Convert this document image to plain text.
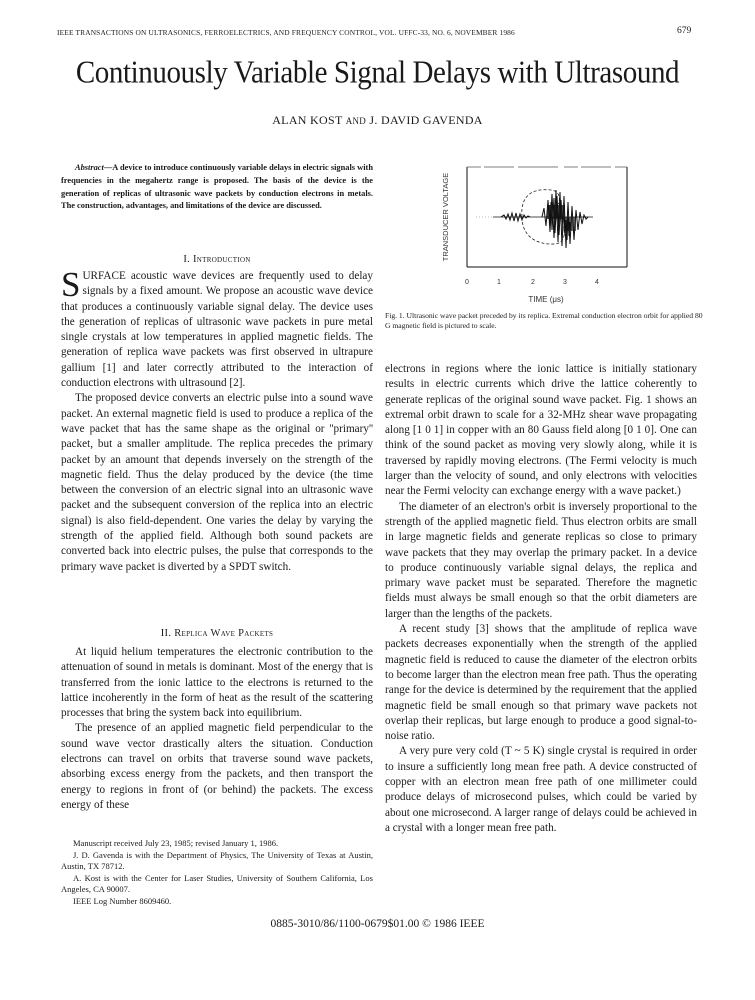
IEEE TRANSACTIONS ON ULTRASONICS, FERROELECTRICS, AND FREQUENCY CONTROL, VOL. UFFC-33, NO. 6, NOVEMBER 1986	679
Continuously Variable Signal Delays with Ultrasound
ALAN KOST AND J. DAVID GAVENDA
Abstract—A device to introduce continuously variable delays in electric signals with frequencies in the megahertz range is proposed. The basis of the device is the generation of replicas of ultrasonic wave packets by conduction electrons in metals. The construction, advantages, and limitations of the device are discussed.
I. Introduction

SURFACE acoustic wave devices are frequently used to delay signals by a fixed amount. We propose an acoustic wave device that produces a continuously variable signal delay. The device uses the generation of replicas of ultrasonic wave packets in pure metal single crystals at low temperatures in applied magnetic fields. The generation of replica wave packets was first observed in ultrapure gallium [1] and later correctly attributed to the interaction of conduction electrons with ultrasound [2].

The proposed device converts an electric pulse into a sound wave packet. An external magnetic field is used to produce a replica of the wave packet that has the same shape as the original or ''primary'' packet, but a smaller amplitude. The replica precedes the primary packet by an amount that depends inversely on the strength of the magnetic field. Thus the delay produced by the device (the time between the conversion of an electric signal into an ultrasonic wave packet and the subsequent conversion of the replica into an electric signal) is also field-dependent. One varies the delay by varying the strength of the applied field. Although both sound packets are converted back into electric pulses, the pulse that corresponds to the primary wave packet is diverted by a SPDT switch.

II. Replica Wave Packets

At liquid helium temperatures the electronic contribution to the attenuation of sound in metals is dominant. Most of the energy that is transferred from the ionic lattice to the electrons is returned to the lattice incoherently in the form of heat as the result of the scattering processes that bring the system back into equilibrium.

The presence of an applied magnetic field perpendicular to the sound wave vector drastically alters the situation. Conduction electrons can travel on orbits that traverse sound wave packets, absorbing excess energy from the packets, and then transport the energy to regions in front of (or behind) the packets. The excess energy of these

TRANSDUCER VOLTAGE
0	1	2	3	4
TIME (μs)
Fig. 1. Ultrasonic wave packet preceded by its replica. Extremal conduction electron orbit for applied 80 G magnetic field is pictured to scale.

electrons in regions where the ionic lattice is initially stationary results in electric currents which drive the lattice coherently to generate replicas of the original sound wave packet. Fig. 1 shows an extremal orbit drawn to scale for a 32-MHz shear wave propagating along [1 0 1] in copper with an 80 Gauss field along [0 1 0]. One can think of the sound packet as moving very slowly along, while it is traversed by rapidly moving electrons. (The Fermi velocity is much larger than the velocity of sound, and only electrons with velocities near the Fermi velocity can exchange energy with a wave packet.)

The diameter of an electron's orbit is inversely proportional to the strength of the applied magnetic field. Thus electron orbits are small in large magnetic fields and generate replicas so close to primary wave packets that they may overlap the primary packet. In a device to produce continuously variable signal delays, the replica and primary wave packet must be separated. Therefore the magnetic fields must always be small enough so that the orbit diameters are larger than the lengths of the packets.

A recent study [3] shows that the amplitude of replica wave packets decreases exponentially when the strength of the applied magnetic field is reduced to cause the diameter of the electron orbits to become larger than the electron mean free path. Thus the operating range for the device is determined by the requirement that the applied magnetic field be small enough so that primary wave packets not overlap their replicas, but large enough to produce a good signal-to-noise ratio.

A very pure very cold (T ~ 5 K) single crystal is required in order to insure a sufficiently long mean free path. A device constructed of copper with an electron mean free path of one millimeter could produce delays of microsecond pulses, which could be varied by about one microsecond. A larger range of delays could be achieved in a crystal with a longer mean free path.

Manuscript received July 23, 1985; revised January 1, 1986.

J. D. Gavenda is with the Department of Physics, The University of Texas at Austin, Austin, TX 78712.

A. Kost is with the Center for Laser Studies, University of Southern California, Los Angeles, CA 90007.

IEEE Log Number 8609460.

0885-3010/86/1100-0679$01.00 © 1986 IEEE
